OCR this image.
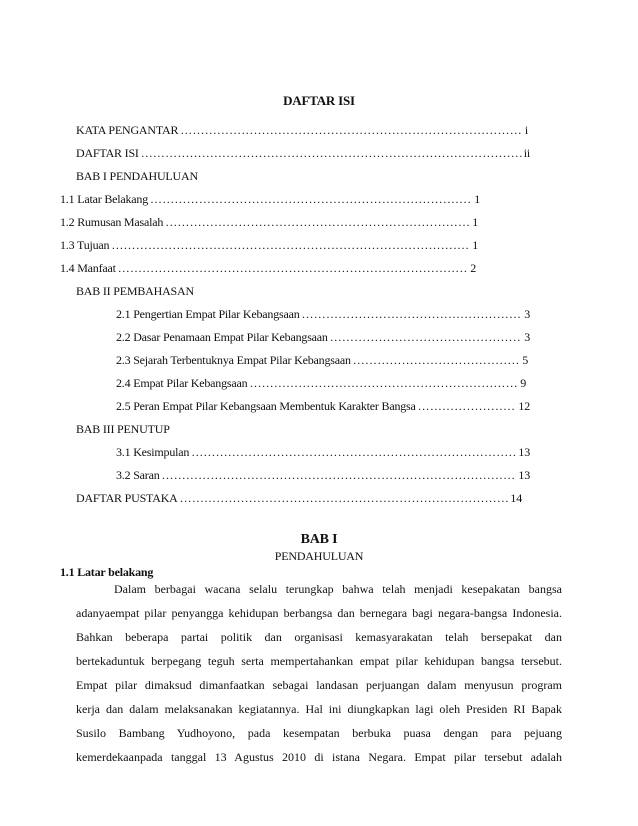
DAFTAR ISI
KATA PENGANTAR ………………………………………………………………………………………………………………………………………………………………………………………	i
DAFTAR ISI ………………………………………………………………………………………………………………………………………………………………………………………	ii
BAB I PENDAHULUAN
1.1 Latar Belakang ………………………………………………………………………………………………………………………………………………………………………………………	1
1.2 Rumusan Masalah ………………………………………………………………………………………………………………………………………………………………………………………	1
1.3 Tujuan ………………………………………………………………………………………………………………………………………………………………………………………	1
1.4 Manfaat ………………………………………………………………………………………………………………………………………………………………………………………	2
BAB II PEMBAHASAN
2.1 Pengertian Empat Pilar Kebangsaan ………………………………………………………………………………………………………………………………………………………………………………………	3
2.2 Dasar Penamaan Empat Pilar Kebangsaan ………………………………………………………………………………………………………………………………………………………………………………………	3
2.3 Sejarah Terbentuknya Empat Pilar Kebangsaan ………………………………………………………………………………………………………………………………………………………………………………………	5
2.4 Empat Pilar Kebangsaan ………………………………………………………………………………………………………………………………………………………………………………………	9
2.5 Peran Empat Pilar Kebangsaan Membentuk Karakter Bangsa ………………………………………………………………………………………………………………………………………………………………………………………	12
BAB III PENUTUP
3.1 Kesimpulan ………………………………………………………………………………………………………………………………………………………………………………………	13
3.2 Saran ………………………………………………………………………………………………………………………………………………………………………………………	13
DAFTAR PUSTAKA ………………………………………………………………………………………………………………………………………………………………………………………	14
BAB I
PENDAHULUAN
1.1 Latar belakang
Dalam berbagai wacana selalu terungkap bahwa telah menjadi kesepakatan bangsa
adanyaempat pilar penyangga kehidupan berbangsa dan bernegara bagi negara-bangsa Indonesia.
Bahkan beberapa partai politik dan organisasi kemasyarakatan telah bersepakat dan
bertekaduntuk berpegang teguh serta mempertahankan empat pilar kehidupan bangsa tersebut.
Empat pilar dimaksud dimanfaatkan sebagai landasan perjuangan dalam menyusun program
kerja dan dalam melaksanakan kegiatannya. Hal ini diungkapkan lagi oleh Presiden RI Bapak
Susilo Bambang Yudhoyono, pada kesempatan berbuka puasa dengan para pejuang
kemerdekaanpada tanggal 13 Agustus 2010 di istana Negara. Empat pilar tersebut adalah
